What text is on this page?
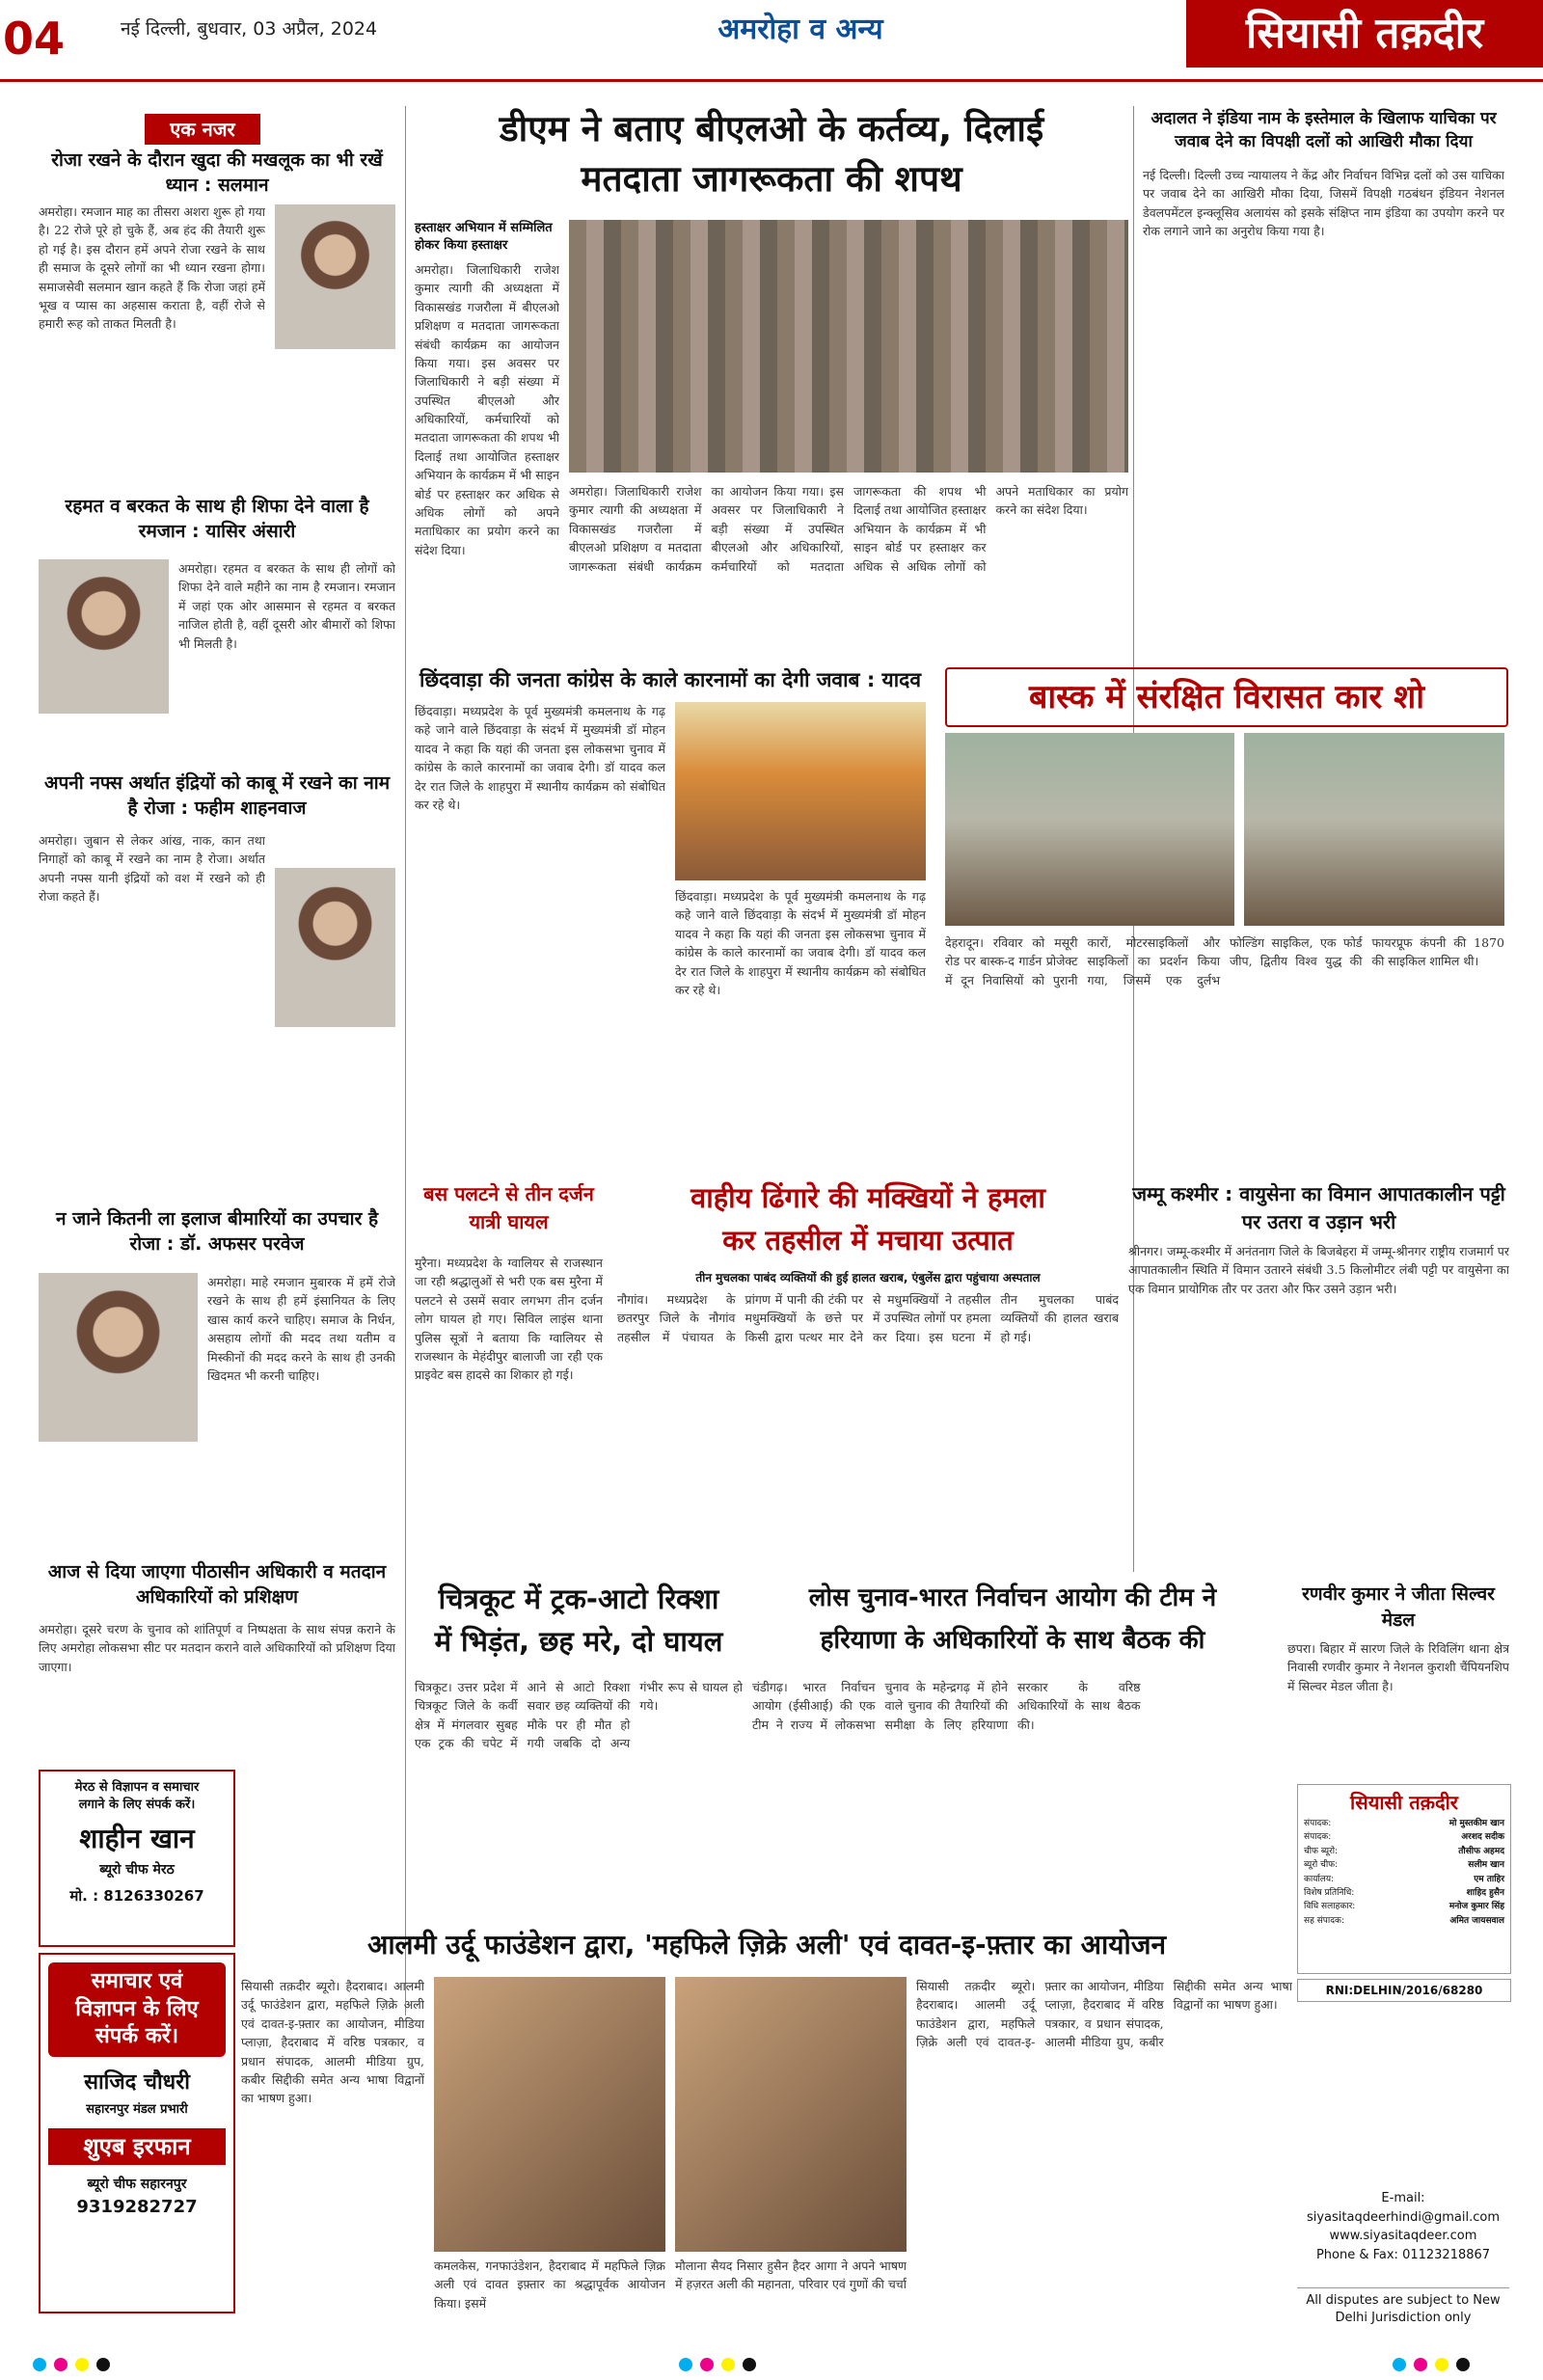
04	नई दिल्ली, बुधवार, 03 अप्रैल, 2024	अमरोहा व अन्य	सियासी तक़दीर
एक नजर
रोजा रखने के दौरान खुदा की मखलूक का भी रखें ध्यान : सलमान
अमरोहा। रमजान माह का तीसरा अशरा शुरू हो गया है। 22 रोजे पूरे हो चुके हैं, अब हंद की तैयारी शुरू हो गई है। इस दौरान हमें अपने रोजा रखने के साथ ही समाज के दूसरे लोगों का भी ध्यान रखना होगा। समाजसेवी सलमान खान कहते हैं कि रोजा जहां हमें भूख व प्यास का अहसास कराता है, वहीं रोजे से हमारी रूह को ताकत मिलती है।
रहमत व बरकत के साथ ही शिफा देने वाला है रमजान : यासिर अंसारी
अमरोहा। रहमत व बरकत के साथ ही लोगों को शिफा देने वाले महीने का नाम है रमजान। रमजान में जहां एक ओर आसमान से रहमत व बरकत नाजिल होती है, वहीं दूसरी ओर बीमारों को शिफा भी मिलती है।
अपनी नफ्स अर्थात इंद्रियों को काबू में रखने का नाम है रोजा : फहीम शाहनवाज
अमरोहा। जुबान से लेकर आंख, नाक, कान तथा निगाहों को काबू में रखने का नाम है रोजा। अर्थात अपनी नफ्स यानी इंद्रियों को वश में रखने को ही रोजा कहते हैं।
न जाने कितनी ला इलाज बीमारियों का उपचार है रोजा : डॉ. अफसर परवेज
अमरोहा। माहे रमजान मुबारक में हमें रोजे रखने के साथ ही हमें इंसानियत के लिए खास कार्य करने चाहिए। समाज के निर्धन, असहाय लोगों की मदद तथा यतीम व मिस्कीनों की मदद करने के साथ ही उनकी खिदमत भी करनी चाहिए।
आज से दिया जाएगा पीठासीन अधिकारी व मतदान अधिकारियों को प्रशिक्षण
अमरोहा। दूसरे चरण के चुनाव को शांतिपूर्ण व निष्पक्षता के साथ संपन्न कराने के लिए अमरोहा लोकसभा सीट पर मतदान कराने वाले अधिकारियों को प्रशिक्षण दिया जाएगा।
मेरठ से विज्ञापन व समाचार
लगाने के लिए संपर्क करें।
शाहीन खान
ब्यूरो चीफ मेरठ
मो. : 8126330267
समाचार एवं
विज्ञापन के लिए
संपर्क करें।
साजिद चौधरी
सहारनपुर मंडल प्रभारी
शुएब इरफान
ब्यूरो चीफ सहारनपुर
9319282727
डीएम ने बताए बीएलओ के कर्तव्य, दिलाई
मतदाता जागरूकता की शपथ
हस्ताक्षर अभियान में सम्मिलित होकर किया हस्ताक्षर
अमरोहा। जिलाधिकारी राजेश कुमार त्यागी की अध्यक्षता में विकासखंड गजरौला में बीएलओ प्रशिक्षण व मतदाता जागरूकता संबंधी कार्यक्रम का आयोजन किया गया। इस अवसर पर जिलाधिकारी ने बड़ी संख्या में उपस्थित बीएलओ और अधिकारियों, कर्मचारियों को मतदाता जागरूकता की शपथ भी दिलाई तथा आयोजित हस्ताक्षर अभियान के कार्यक्रम में भी साइन बोर्ड पर हस्ताक्षर कर अधिक से अधिक लोगों को अपने मताधिकार का प्रयोग करने का संदेश दिया।
अमरोहा। जिलाधिकारी राजेश कुमार त्यागी की अध्यक्षता में विकासखंड गजरौला में बीएलओ प्रशिक्षण व मतदाता जागरूकता संबंधी कार्यक्रम का आयोजन किया गया। इस अवसर पर जिलाधिकारी ने बड़ी संख्या में उपस्थित बीएलओ और अधिकारियों, कर्मचारियों को मतदाता जागरूकता की शपथ भी दिलाई तथा आयोजित हस्ताक्षर अभियान के कार्यक्रम में भी साइन बोर्ड पर हस्ताक्षर कर अधिक से अधिक लोगों को अपने मताधिकार का प्रयोग करने का संदेश दिया।
छिंदवाड़ा की जनता कांग्रेस के काले कारनामों का देगी जवाब : यादव
छिंदवाड़ा। मध्यप्रदेश के पूर्व मुख्यमंत्री कमलनाथ के गढ़ कहे जाने वाले छिंदवाड़ा के संदर्भ में मुख्यमंत्री डॉ मोहन यादव ने कहा कि यहां की जनता इस लोकसभा चुनाव में कांग्रेस के काले कारनामों का जवाब देगी। डॉ यादव कल देर रात जिले के शाहपुरा में स्थानीय कार्यक्रम को संबोधित कर रहे थे।
छिंदवाड़ा। मध्यप्रदेश के पूर्व मुख्यमंत्री कमलनाथ के गढ़ कहे जाने वाले छिंदवाड़ा के संदर्भ में मुख्यमंत्री डॉ मोहन यादव ने कहा कि यहां की जनता इस लोकसभा चुनाव में कांग्रेस के काले कारनामों का जवाब देगी। डॉ यादव कल देर रात जिले के शाहपुरा में स्थानीय कार्यक्रम को संबोधित कर रहे थे।
बस पलटने से तीन दर्जन यात्री घायल
मुरैना। मध्यप्रदेश के ग्वालियर से राजस्थान जा रही श्रद्धालुओं से भरी एक बस मुरैना में पलटने से उसमें सवार लगभग तीन दर्जन लोग घायल हो गए। सिविल लाइंस थाना पुलिस सूत्रों ने बताया कि ग्वालियर से राजस्थान के मेहंदीपुर बालाजी जा रही एक प्राइवेट बस हादसे का शिकार हो गई।
वाहीय ढिंगारे की मक्खियों ने हमला
कर तहसील में मचाया उत्पात
तीन मुचलका पाबंद व्यक्तियों की हुई हालत खराब, एंबुलेंस द्वारा पहुंचाया अस्पताल
नौगांव। मध्यप्रदेश के छतरपुर जिले के नौगांव तहसील में पंचायत के प्रांगण में पानी की टंकी पर मधुमक्खियों के छत्ते पर किसी द्वारा पत्थर मार देने से मधुमक्खियों ने तहसील में उपस्थित लोगों पर हमला कर दिया। इस घटना में तीन मुचलका पाबंद व्यक्तियों की हालत खराब हो गई।
चित्रकूट में ट्रक-आटो रिक्शा
में भिड़ंत, छह मरे, दो घायल
चित्रकूट। उत्तर प्रदेश में चित्रकूट जिले के कर्वी क्षेत्र में मंगलवार सुबह एक ट्रक की चपेट में आने से आटो रिक्शा सवार छह व्यक्तियों की मौके पर ही मौत हो गयी जबकि दो अन्य गंभीर रूप से घायल हो गये।
लोस चुनाव-भारत निर्वाचन आयोग की टीम ने
हरियाणा के अधिकारियों के साथ बैठक की
चंडीगढ़। भारत निर्वाचन आयोग (ईसीआई) की एक टीम ने राज्य में लोकसभा चुनाव के महेन्द्रगढ़ में होने वाले चुनाव की तैयारियों की समीक्षा के लिए हरियाणा सरकार के वरिष्ठ अधिकारियों के साथ बैठक की।
आलमी उर्दू फाउंडेशन द्वारा, 'महफिले ज़िक्रे अली' एवं दावत-इ-फ़्तार का आयोजन
सियासी तक़दीर ब्यूरो। हैदराबाद। आलमी उर्दू फाउंडेशन द्वारा, महफिले ज़िक्रे अली एवं दावत-इ-फ़्तार का आयोजन, मीडिया प्लाज़ा, हैदराबाद में वरिष्ठ पत्रकार, व प्रधान संपादक, आलमी मीडिया ग्रुप, कबीर सिद्दीकी समेत अन्य भाषा विद्वानों का भाषण हुआ।
कमलकेस, गनफाउंडेशन, हैदराबाद में महफिले ज़िक्र अली एवं दावत इफ़्तार का श्रद्धापूर्वक आयोजन किया। इसमें
मौलाना सैयद निसार हुसैन हैदर आगा ने अपने भाषण में हज़रत अली की महानता, परिवार एवं गुणों की चर्चा
सियासी तक़दीर ब्यूरो। हैदराबाद। आलमी उर्दू फाउंडेशन द्वारा, महफिले ज़िक्रे अली एवं दावत-इ-फ़्तार का आयोजन, मीडिया प्लाज़ा, हैदराबाद में वरिष्ठ पत्रकार, व प्रधान संपादक, आलमी मीडिया ग्रुप, कबीर सिद्दीकी समेत अन्य भाषा विद्वानों का भाषण हुआ।
अदालत ने इंडिया नाम के इस्तेमाल के खिलाफ याचिका पर जवाब देने का विपक्षी दलों को आखिरी मौका दिया
नई दिल्ली। दिल्ली उच्च न्यायालय ने केंद्र और निर्वाचन विभिन्न दलों को उस याचिका पर जवाब देने का आखिरी मौका दिया, जिसमें विपक्षी गठबंधन इंडियन नेशनल डेवलपमेंटल इन्क्लूसिव अलायंस को इसके संक्षिप्त नाम इंडिया का उपयोग करने पर रोक लगाने जाने का अनुरोध किया गया है।
बास्क में संरक्षित विरासत कार शो
देहरादून। रविवार को मसूरी रोड पर बास्क-द गार्डन प्रोजेक्ट में दून निवासियों को पुरानी कारों, मोटरसाइकिलों और साइकिलों का प्रदर्शन किया गया, जिसमें एक दुर्लभ फोल्डिंग साइकिल, एक फोर्ड जीप, द्वितीय विश्व युद्ध की फायरप्रूफ कंपनी की 1870 की साइकिल शामिल थी।
जम्मू कश्मीर : वायुसेना का विमान आपातकालीन पट्टी पर उतरा व उड़ान भरी
श्रीनगर। जम्मू-कश्मीर में अनंतनाग जिले के बिजबेहरा में जम्मू-श्रीनगर राष्ट्रीय राजमार्ग पर आपातकालीन स्थिति में विमान उतारने संबंधी 3.5 किलोमीटर लंबी पट्टी पर वायुसेना का एक विमान प्रायोगिक तौर पर उतरा और फिर उसने उड़ान भरी।
रणवीर कुमार ने जीता सिल्वर मेडल
छपरा। बिहार में सारण जिले के रिविलिंग थाना क्षेत्र निवासी रणवीर कुमार ने नेशनल कुराशी चैंपियनशिप में सिल्वर मेडल जीता है।
सियासी तक़दीर
संपादक:	मो मुस्तकीम खान
संपादक:	अरशद सदीक
चीफ ब्यूरो:	तौसीफ अहमद
ब्यूरो चीफ:	सलीम खान
कार्यालय:	एम ताहिर
विशेष प्रतिनिधि:	शाहिद हुसैन
विधि सलाहकार:	मनोज कुमार सिंह
सह संपादक:	अमित जायसवाल
RNI:DELHIN/2016/68280
E-mail:
siyasitaqdeerhindi@gmail.com
www.siyasitaqdeer.com
Phone & Fax: 01123218867
All disputes are subject to New Delhi Jurisdiction only
